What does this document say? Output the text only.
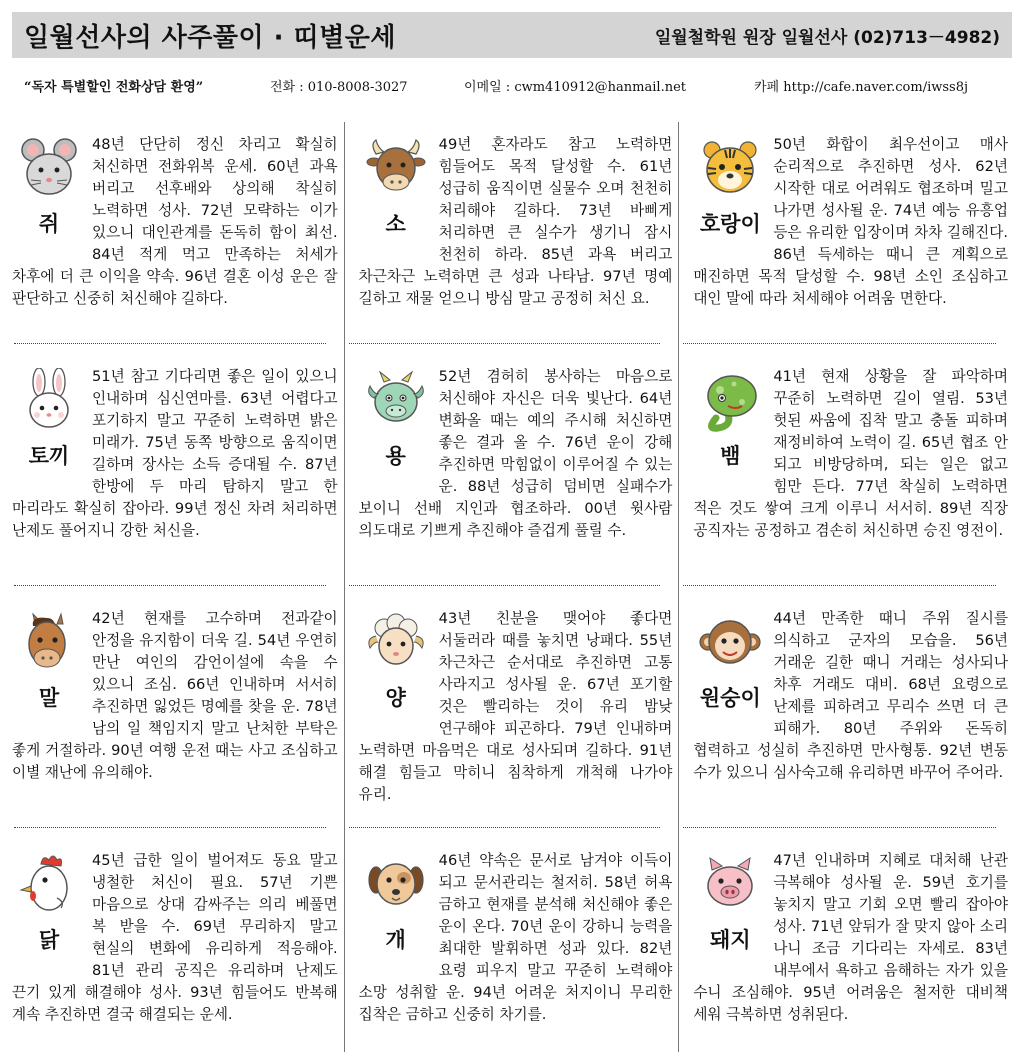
일월선사의 사주풀이 · 띠별운세	일월철학원 원장 일월선사 (02)713－4982)
“독자 특별할인 전화상담 환영”	전화 : 010-8008-3027	이메일 : cwm410912@hanmail.net	카페 http://cafe.naver.com/iwss8j
쥐

48년 단단히 정신 차리고 확실히 처신하면 전화위복 운세. 60년 과욕 버리고 선후배와 상의해 착실히 노력하면 성사. 72년 모략하는 이가 있으니 대인관계를 돈독히 함이 최선. 84년 적게 먹고 만족하는 처세가 차후에 더 큰 이익을 약속. 96년 결혼 이성 운은 잘 판단하고 신중히 처신해야 길하다.

소

49년 혼자라도 참고 노력하면 힘들어도 목적 달성할 수. 61년 성급히 움직이면 실물수 오며 천천히 처리해야 길하다. 73년 바삐게 처리하면 큰 실수가 생기니 잠시 천천히 하라. 85년 과욕 버리고 차근차근 노력하면 큰 성과 나타남. 97년 명예 길하고 재물 얻으니 방심 말고 공정히 처신 요.

호랑이

50년 화합이 최우선이고 매사 순리적으로 추진하면 성사. 62년 시작한 대로 어려워도 협조하며 밀고 나가면 성사될 운. 74년 예능 유흥업 등은 유리한 입장이며 차차 길해진다. 86년 득세하는 때니 큰 계획으로 매진하면 목적 달성할 수. 98년 소인 조심하고 대인 말에 따라 처세해야 어려움 면한다.

토끼

51년 참고 기다리면 좋은 일이 있으니 인내하며 심신연마를. 63년 어렵다고 포기하지 말고 꾸준히 노력하면 밝은 미래가. 75년 동쪽 방향으로 움직이면 길하며 장사는 소득 증대될 수. 87년 한방에 두 마리 탐하지 말고 한 마리라도 확실히 잡아라. 99년 정신 차려 처리하면 난제도 풀어지니 강한 처신을.

용

52년 겸허히 봉사하는 마음으로 처신해야 자신은 더욱 빛난다. 64년 변화올 때는 예의 주시해 처신하면 좋은 결과 올 수. 76년 운이 강해 추진하면 막힘없이 이루어질 수 있는 운. 88년 성급히 덤비면 실패수가 보이니 선배 지인과 협조하라. 00년 윗사람 의도대로 기쁘게 추진해야 즐겁게 풀릴 수.

뱀

41년 현재 상황을 잘 파악하며 꾸준히 노력하면 길이 열림. 53년 헛된 싸움에 집착 말고 충돌 피하며 재정비하여 노력이 길. 65년 협조 안 되고 비방당하며, 되는 일은 없고 힘만 든다. 77년 착실히 노력하면 적은 것도 쌓여 크게 이루니 서서히. 89년 직장 공직자는 공정하고 겸손히 처신하면 승진 영전이.

말

42년 현재를 고수하며 전과같이 안정을 유지함이 더욱 길. 54년 우연히 만난 여인의 감언이설에 속을 수 있으니 조심. 66년 인내하며 서서히 추진하면 잃었든 명예를 찾을 운. 78년 남의 일 책임지지 말고 난처한 부탁은 좋게 거절하라. 90년 여행 운전 때는 사고 조심하고 이별 재난에 유의해야.

양

43년 친분을 맺어야 좋다면 서둘러라 때를 놓치면 낭패다. 55년 차근차근 순서대로 추진하면 고통 사라지고 성사될 운. 67년 포기할 것은 빨리하는 것이 유리 밤낮 연구해야 피곤하다. 79년 인내하며 노력하면 마음먹은 대로 성사되며 길하다. 91년 해결 힘들고 막히니 침착하게 개척해 나가야 유리.

원숭이

44년 만족한 때니 주위 질시를 의식하고 군자의 모습을. 56년 거래운 길한 때니 거래는 성사되나 차후 거래도 대비. 68년 요령으로 난제를 피하려고 무리수 쓰면 더 큰 피해가. 80년 주위와 돈독히 협력하고 성실히 추진하면 만사형통. 92년 변동 수가 있으니 심사숙고해 유리하면 바꾸어 주어라.

닭

45년 급한 일이 벌어져도 동요 말고 냉철한 처신이 필요. 57년 기쁜 마음으로 상대 감싸주는 의리 베풀면 복 받을 수. 69년 무리하지 말고 현실의 변화에 유리하게 적응해야. 81년 관리 공직은 유리하며 난제도 끈기 있게 해결해야 성사. 93년 힘들어도 반복해 계속 추진하면 결국 해결되는 운세.

개

46년 약속은 문서로 남겨야 이득이 되고 문서관리는 철저히. 58년 허욕 금하고 현재를 분석해 처신해야 좋은 운이 온다. 70년 운이 강하니 능력을 최대한 발휘하면 성과 있다. 82년 요령 피우지 말고 꾸준히 노력해야 소망 성취할 운. 94년 어려운 처지이니 무리한 집착은 금하고 신중히 차기를.

돼지

47년 인내하며 지혜로 대처해 난관 극복해야 성사될 운. 59년 호기를 놓치지 말고 기회 오면 빨리 잡아야 성사. 71년 앞뒤가 잘 맞지 않아 소리 나니 조금 기다리는 자세로. 83년 내부에서 욕하고 음해하는 자가 있을 수니 조심해야. 95년 어려움은 철저한 대비책 세워 극복하면 성취된다.
